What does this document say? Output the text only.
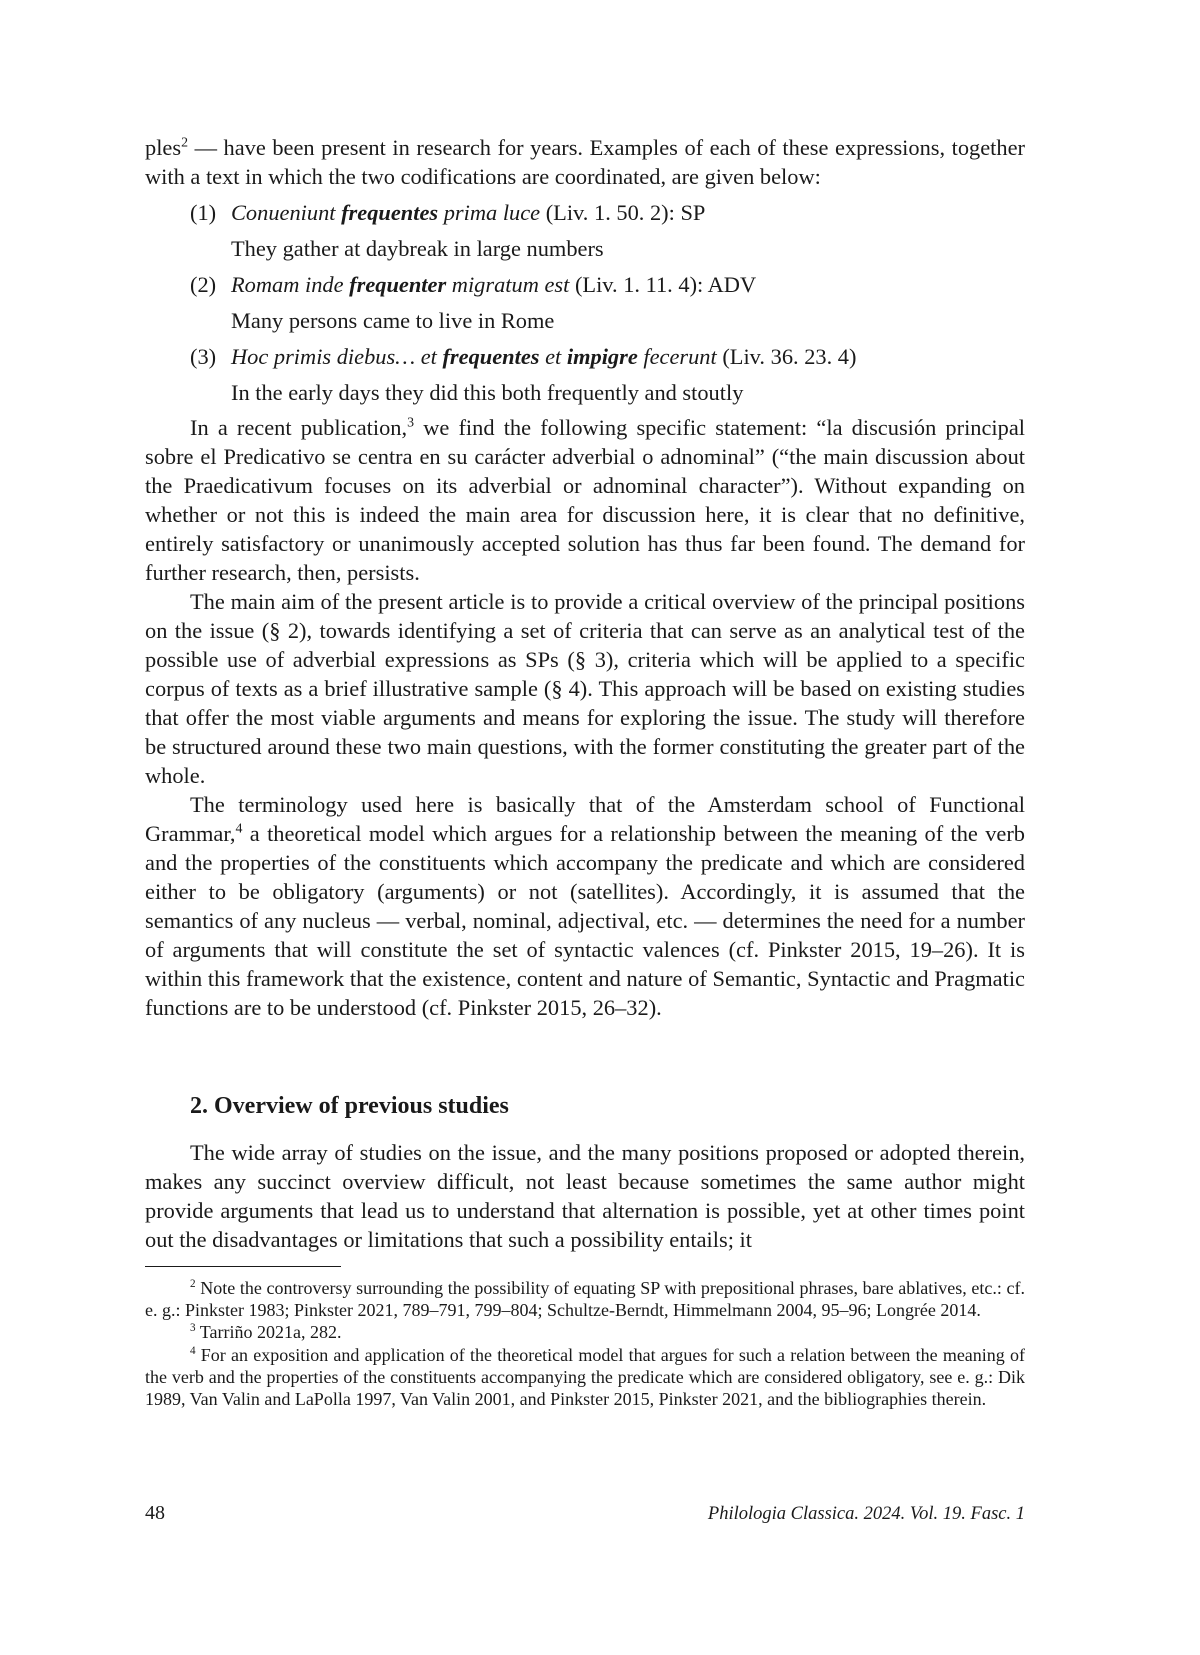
ples$^2$ — have been present in research for years. Examples of each of these expressions, together with a text in which the two codifications are coordinated, are given below:

(1) Conueniunt frequentes prima luce (Liv. 1. 50. 2): SP
They gather at daybreak in large numbers
(2) Romam inde frequenter migratum est (Liv. 1. 11. 4): ADV
Many persons came to live in Rome
(3) Hoc primis diebus… et frequentes et impigre fecerunt (Liv. 36. 23. 4)
In the early days they did this both frequently and stoutly

In a recent publication,$^3$ we find the following specific statement: “la discusión principal sobre el Predicativo se centra en su carácter adverbial o adnominal” (“the main discussion about the Praedicativum focuses on its adverbial or adnominal character”). Without expanding on whether or not this is indeed the main area for discussion here, it is clear that no definitive, entirely satisfactory or unanimously accepted solution has thus far been found. The demand for further research, then, persists.

The main aim of the present article is to provide a critical overview of the principal positions on the issue (§ 2), towards identifying a set of criteria that can serve as an analytical test of the possible use of adverbial expressions as SPs (§ 3), criteria which will be applied to a specific corpus of texts as a brief illustrative sample (§ 4). This approach will be based on existing studies that offer the most viable arguments and means for exploring the issue. The study will therefore be structured around these two main questions, with the former constituting the greater part of the whole.

The terminology used here is basically that of the Amsterdam school of Functional Grammar,$^4$ a theoretical model which argues for a relationship between the meaning of the verb and the properties of the constituents which accompany the predicate and which are considered either to be obligatory (arguments) or not (satellites). Accordingly, it is assumed that the semantics of any nucleus — verbal, nominal, adjectival, etc. — determines the need for a number of arguments that will constitute the set of syntactic valences (cf. Pinkster 2015, 19–26). It is within this framework that the existence, content and nature of Semantic, Syntactic and Pragmatic functions are to be understood (cf. Pinkster 2015, 26–32).

2. Overview of previous studies

The wide array of studies on the issue, and the many positions proposed or adopted therein, makes any succinct overview difficult, not least because sometimes the same author might provide arguments that lead us to understand that alternation is possible, yet at other times point out the disadvantages or limitations that such a possibility entails; it

$^2$ Note the controversy surrounding the possibility of equating SP with prepositional phrases, bare ablatives, etc.: cf. e. g.: Pinkster 1983; Pinkster 2021, 789–791, 799–804; Schultze-Berndt, Himmelmann 2004, 95–96; Longrée 2014.

$^3$ Tarriño 2021a, 282.

$^4$ For an exposition and application of the theoretical model that argues for such a relation between the meaning of the verb and the properties of the constituents accompanying the predicate which are considered obligatory, see e. g.: Dik 1989, Van Valin and LaPolla 1997, Van Valin 2001, and Pinkster 2015, Pinkster 2021, and the bibliographies therein.

48	Philologia Classica. 2024. Vol. 19. Fasc. 1
